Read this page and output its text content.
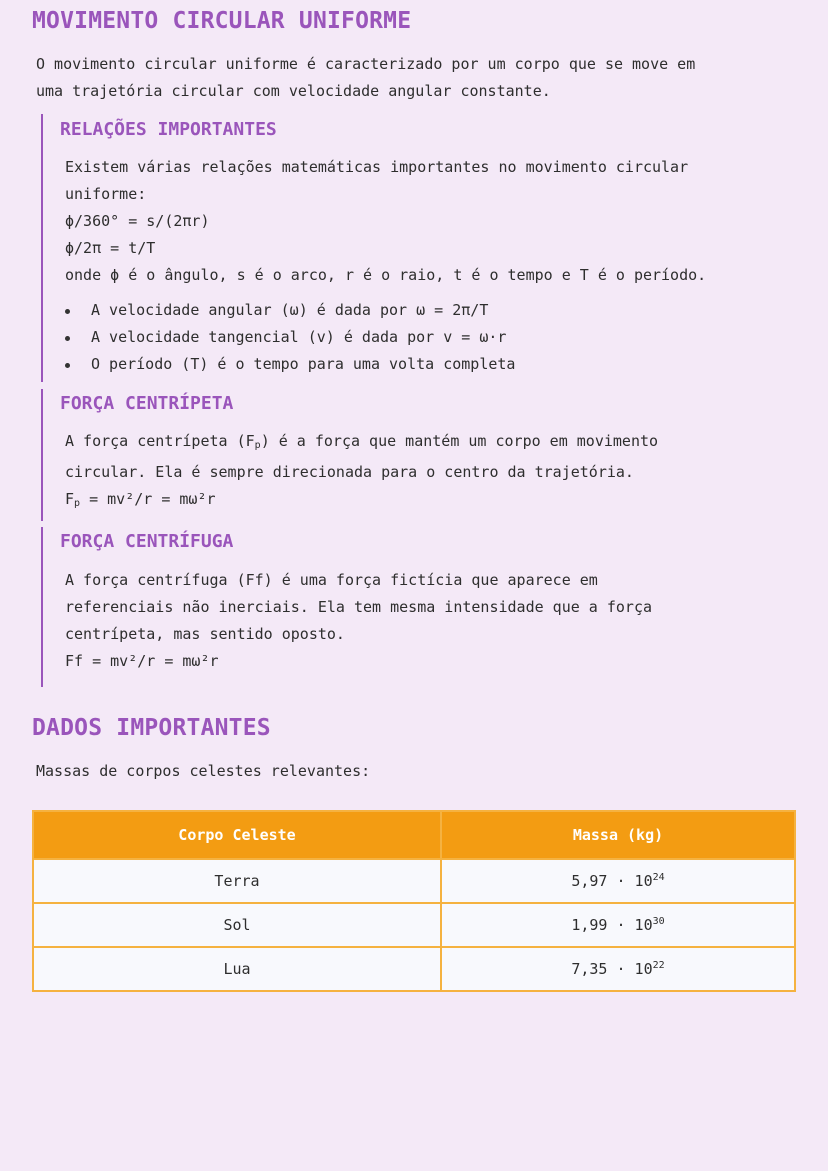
MOVIMENTO CIRCULAR UNIFORME

O movimento circular uniforme é caracterizado por um corpo que se move em

uma trajetória circular com velocidade angular constante.

RELAÇÕES IMPORTANTES

Existem várias relações matemáticas importantes no movimento circular

uniforme:

ϕ/360° = s/(2πr)

ϕ/2π = t/T

onde ϕ é o ângulo, s é o arco, r é o raio, t é o tempo e T é o período.

A velocidade angular (ω) é dada por ω = 2π/T
A velocidade tangencial (v) é dada por v = ω·r
O período (T) é o tempo para uma volta completa
FORÇA CENTRÍPETA

A força centrípeta $(F_p)$ é a força que mantém um corpo em movimento

circular. Ela é sempre direcionada para o centro da trajetória.

$F_p = mv^2/r = m\omega^2r$

FORÇA CENTRÍFUGA

A força centrífuga (Ff) é uma força fictícia que aparece em

referenciais não inerciais. Ela tem mesma intensidade que a força

centrípeta, mas sentido oposto.

Ff = mv²/r = mω²r

DADOS IMPORTANTES

Massas de corpos celestes relevantes:

Corpo Celeste	Massa (kg)
Terra	$5,97 \cdot 10^{24}$
Sol	$1,99 \cdot 10^{30}$
Lua	$7,35 \cdot 10^{22}$
